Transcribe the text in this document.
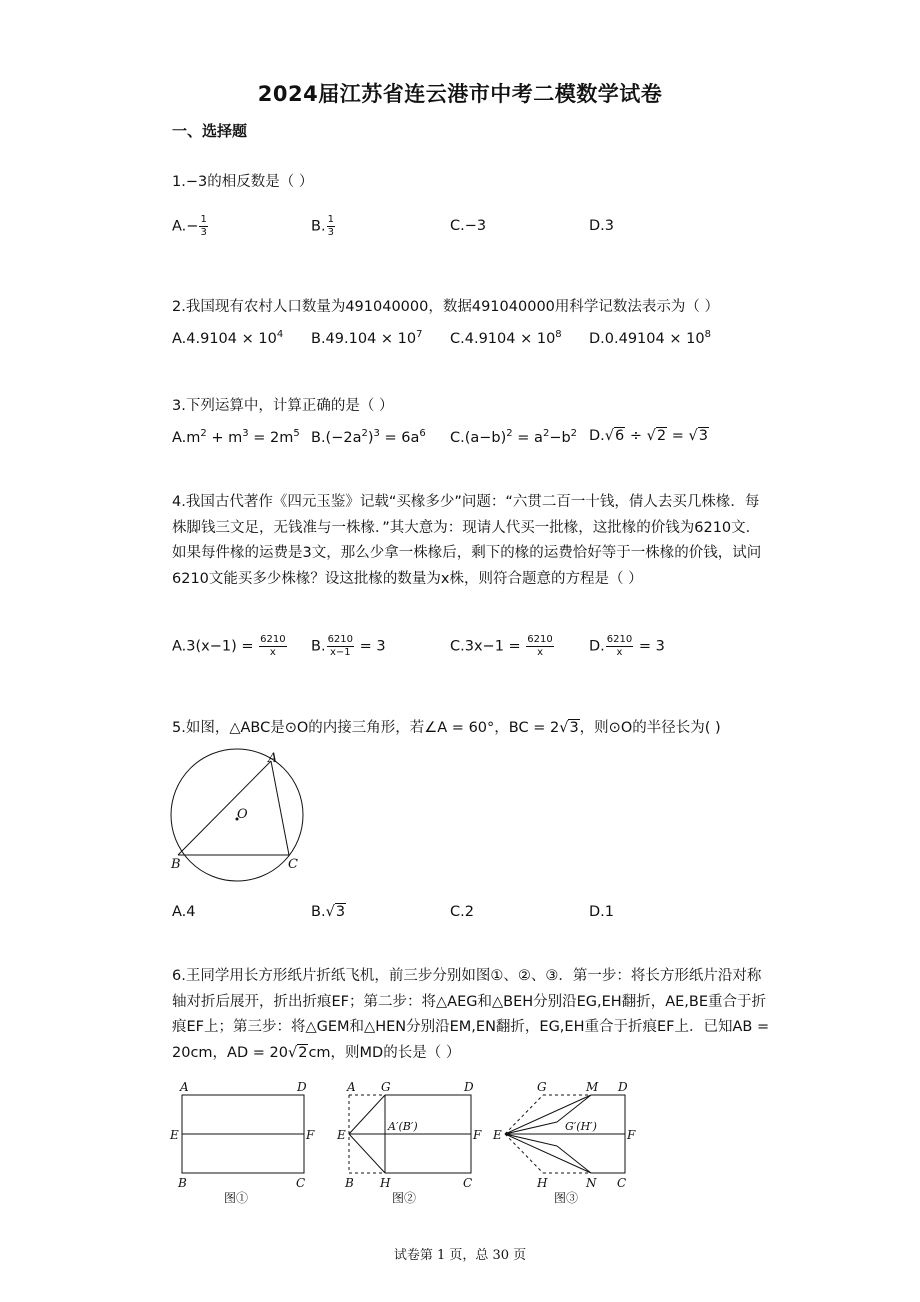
2024届江苏省连云港市中考二模数学试卷
一、选择题
1.−3的相反数是（ ）
$A.- \frac{1}{3}$	B. $\frac{1}{3}$	C.−3	D.3
2.我国现有农村人口数量为491040000，数据491040000用科学记数法表示为（ ）
$A.4.9104 \times 10^4$ $B.49.104 \times 10^7$ $C.4.9104 \times 10^8$ $D.0.49104 \times 10^8$
3.下列运算中，计算正确的是（ ）
$A.m^2 + m^3 = 2m^5$ $B.(-2a^2)^3 = 6a^6$ $C.(a-b)^2 = a^2-b^2$ D.√6 ÷ √2 = √3
4.我国古代著作《四元玉鉴》记载“买椽多少”问题：“六贯二百一十钱，倩人去买几株椽．每株脚钱三文足，无钱准与一株椽．”其大意为：现请人代买一批椽，这批椽的价钱为6210文．如果每件椽的运费是3文，那么少拿一株椽后，剩下的椽的运费恰好等于一株椽的价钱，试问6210文能买多少株椽？设这批椽的数量为x株，则符合题意的方程是（ ）
$A.3(x-1) = \frac{6210}{x} B$. $\frac{6210}{x-1} = 3$	$C.3x-1 = \frac{6210}{x} D$. $\frac{6210}{x} = 3$
5.如图，△ABC是⊙O的内接三角形，若∠A = 60°，BC = 2√3，则⊙O的半径长为( )
A
B	C
O
A.4	B.√3	C.2	D.1
6.王同学用长方形纸片折纸飞机，前三步分别如图①、②、③．第一步：将长方形纸片沿对称轴对折后展开，折出折痕EF；第二步：将△AEG和△BEH分别沿EG,EH翻折，AE,BE重合于折痕EF上；第三步：将△GEM和△HEN分别沿EM,EN翻折，EG,EH重合于折痕EF上．已知AB = 20cm，AD = 20√2cm，则MD的长是（ ）
A	D
E	F
B	C
图①
A G	D
E
A′(B′)
F
B H	C
图②
G	M D
E
G′(H′)
F
H	N C
图③
试卷第 1 页，总 30 页
